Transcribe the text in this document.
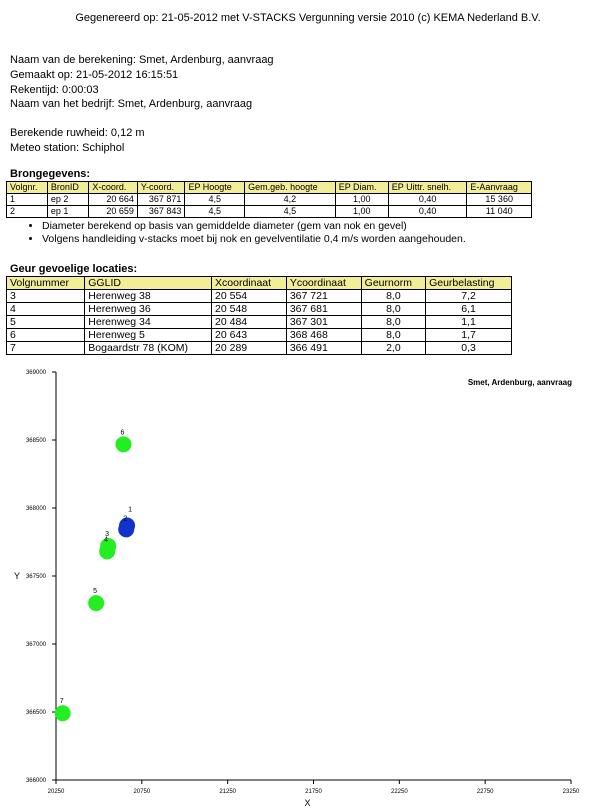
Gegenereerd op: 21-05-2012 met V-STACKS Vergunning versie 2010 (c) KEMA Nederland B.V.
Naam van de berekening: Smet, Ardenburg, aanvraag
Gemaakt op: 21-05-2012 16:15:51
Rekentijd: 0:00:03
Naam van het bedrijf: Smet, Ardenburg, aanvraag
Berekende ruwheid: 0,12 m
Meteo station: Schiphol
Brongegevens:
Volgnr.	BronID	X-coord.	Y-coord.	EP Hoogte	Gem.geb. hoogte	EP Diam.	EP Uittr. snelh.	E-Aanvraag
1	ep 2	20 664	367 871	4,5	4,2	1,00	0,40	15 360
2	ep 1	20 659	367 843	4,5	4,5	1,00	0,40	11 040
• Diameter berekend op basis van gemiddelde diameter (gem van nok en gevel)
• Volgens handleiding v-stacks moet bij nok en gevelventilatie 0,4 m/s worden aangehouden.
Geur gevoelige locaties:
Volgnummer	GGLID	Xcoordinaat	Ycoordinaat	Geurnorm	Geurbelasting
3	Herenweg 38	20 554	367 721	8,0	7,2
4	Herenweg 36	20 548	367 681	8,0	6,1
5	Herenweg 34	20 484	367 301	8,0	1,1
6	Herenweg 5	20 643	368 468	8,0	1,7
7	Bogaardstr 78 (KOM)	20 289	366 491	2,0	0,3
20250	20750	21250	21750	22250	22750	23250
366000
366500
367000
367500
368000
368500
369000
X
Y
Smet, Ardenburg, aanvraag
3
4
5
6
7
1
2
